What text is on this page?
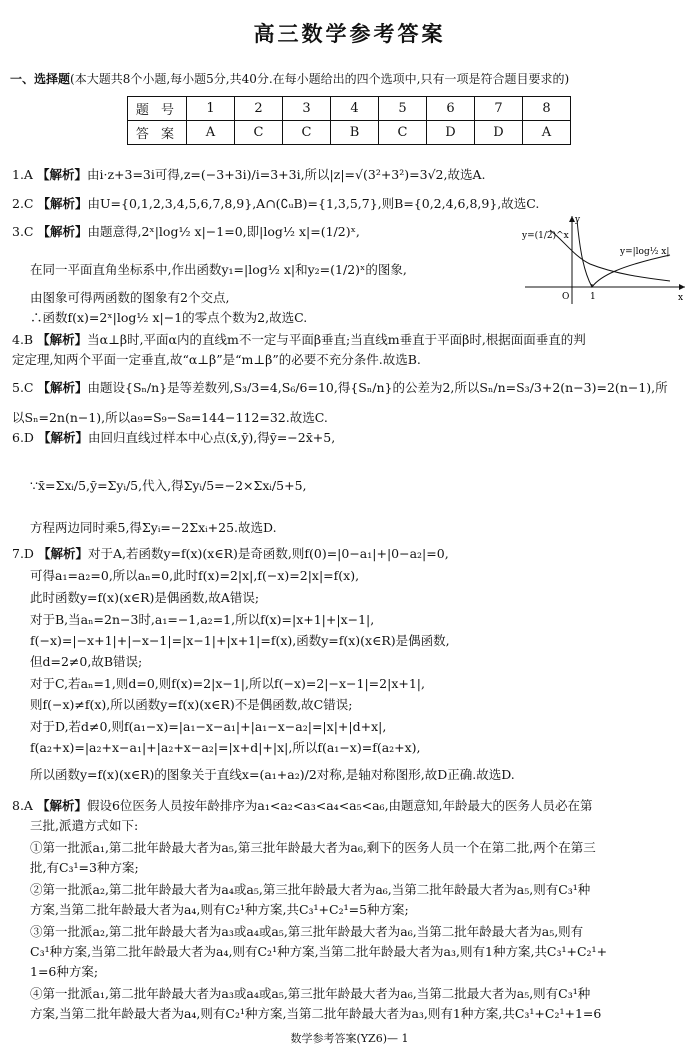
高三数学参考答案
一、选择题(本大题共8个小题,每小题5分,共40分.在每小题给出的四个选项中,只有一项是符合题目要求的)
题 号	1	2	3	4	5	6	7	8
答 案	A	C	C	B	C	D	D	A
1.A 【解析】由i·z+3=3i可得,z=(−3+3i)/i=3+3i,所以|z|=√(3²+3²)=3√2,故选A.
2.C 【解析】由U={0,1,2,3,4,5,6,7,8,9},A∩(∁ᵤB)={1,3,5,7},则B={0,2,4,6,8,9},故选C.
3.C 【解析】由题意得,2ˣ|log½ x|−1=0,即|log½ x|=(1/2)ˣ,
在同一平面直角坐标系中,作出函数y₁=|log½ x|和y₂=(1/2)ˣ的图象,
由图象可得两函数的图象有2个交点,
∴函数f(x)=2ˣ|log½ x|−1的零点个数为2,故选C.
x
y
O 1
y=(1/2)^x
y=|log½ x|
4.B 【解析】当α⊥β时,平面α内的直线m不一定与平面β垂直;当直线m垂直于平面β时,根据面面垂直的判
定定理,知两个平面一定垂直,故“α⊥β”是“m⊥β”的必要不充分条件.故选B.
5.C 【解析】由题设{Sₙ/n}是等差数列,S₃/3=4,S₆/6=10,得{Sₙ/n}的公差为2,所以Sₙ/n=S₃/3+2(n−3)=2(n−1),所
以Sₙ=2n(n−1),所以a₉=S₉−S₈=144−112=32.故选C.
6.D 【解析】由回归直线过样本中心点(x̄,ȳ),得ȳ=−2x̄+5,
∵x̄=Σxᵢ/5,ȳ=Σyᵢ/5,代入,得Σyᵢ/5=−2×Σxᵢ/5+5,
方程两边同时乘5,得Σyᵢ=−2Σxᵢ+25.故选D.
7.D 【解析】对于A,若函数y=f(x)(x∈R)是奇函数,则f(0)=|0−a₁|+|0−a₂|=0,
可得a₁=a₂=0,所以aₙ=0,此时f(x)=2|x|,f(−x)=2|x|=f(x),
此时函数y=f(x)(x∈R)是偶函数,故A错误;
对于B,当aₙ=2n−3时,a₁=−1,a₂=1,所以f(x)=|x+1|+|x−1|,
f(−x)=|−x+1|+|−x−1|=|x−1|+|x+1|=f(x),函数y=f(x)(x∈R)是偶函数,
但d=2≠0,故B错误;
对于C,若aₙ=1,则d=0,则f(x)=2|x−1|,所以f(−x)=2|−x−1|=2|x+1|,
则f(−x)≠f(x),所以函数y=f(x)(x∈R)不是偶函数,故C错误;
对于D,若d≠0,则f(a₁−x)=|a₁−x−a₁|+|a₁−x−a₂|=|x|+|d+x|,
f(a₂+x)=|a₂+x−a₁|+|a₂+x−a₂|=|x+d|+|x|,所以f(a₁−x)=f(a₂+x),
所以函数y=f(x)(x∈R)的图象关于直线x=(a₁+a₂)/2对称,是轴对称图形,故D正确.故选D.
8.A 【解析】假设6位医务人员按年龄排序为a₁<a₂<a₃<a₄<a₅<a₆,由题意知,年龄最大的医务人员必在第
三批,派遣方式如下:
①第一批派a₁,第二批年龄最大者为a₅,第三批年龄最大者为a₆,剩下的医务人员一个在第二批,两个在第三
批,有C₃¹=3种方案;
②第一批派a₂,第二批年龄最大者为a₄或a₅,第三批年龄最大者为a₆,当第二批年龄最大者为a₅,则有C₃¹种
方案,当第二批年龄最大者为a₄,则有C₂¹种方案,共C₃¹+C₂¹=5种方案;
③第一批派a₂,第二批年龄最大者为a₃或a₄或a₅,第三批年龄最大者为a₆,当第二批年龄最大者为a₅,则有
C₃¹种方案,当第二批年龄最大者为a₄,则有C₂¹种方案,当第二批年龄最大者为a₃,则有1种方案,共C₃¹+C₂¹+
1=6种方案;
④第一批派a₁,第二批年龄最大者为a₃或a₄或a₅,第三批年龄最大者为a₆,当第二批最大者为a₅,则有C₃¹种
方案,当第二批年龄最大者为a₄,则有C₂¹种方案,当第二批年龄最大者为a₃,则有1种方案,共C₃¹+C₂¹+1=6
数学参考答案(YZ6)— 1
